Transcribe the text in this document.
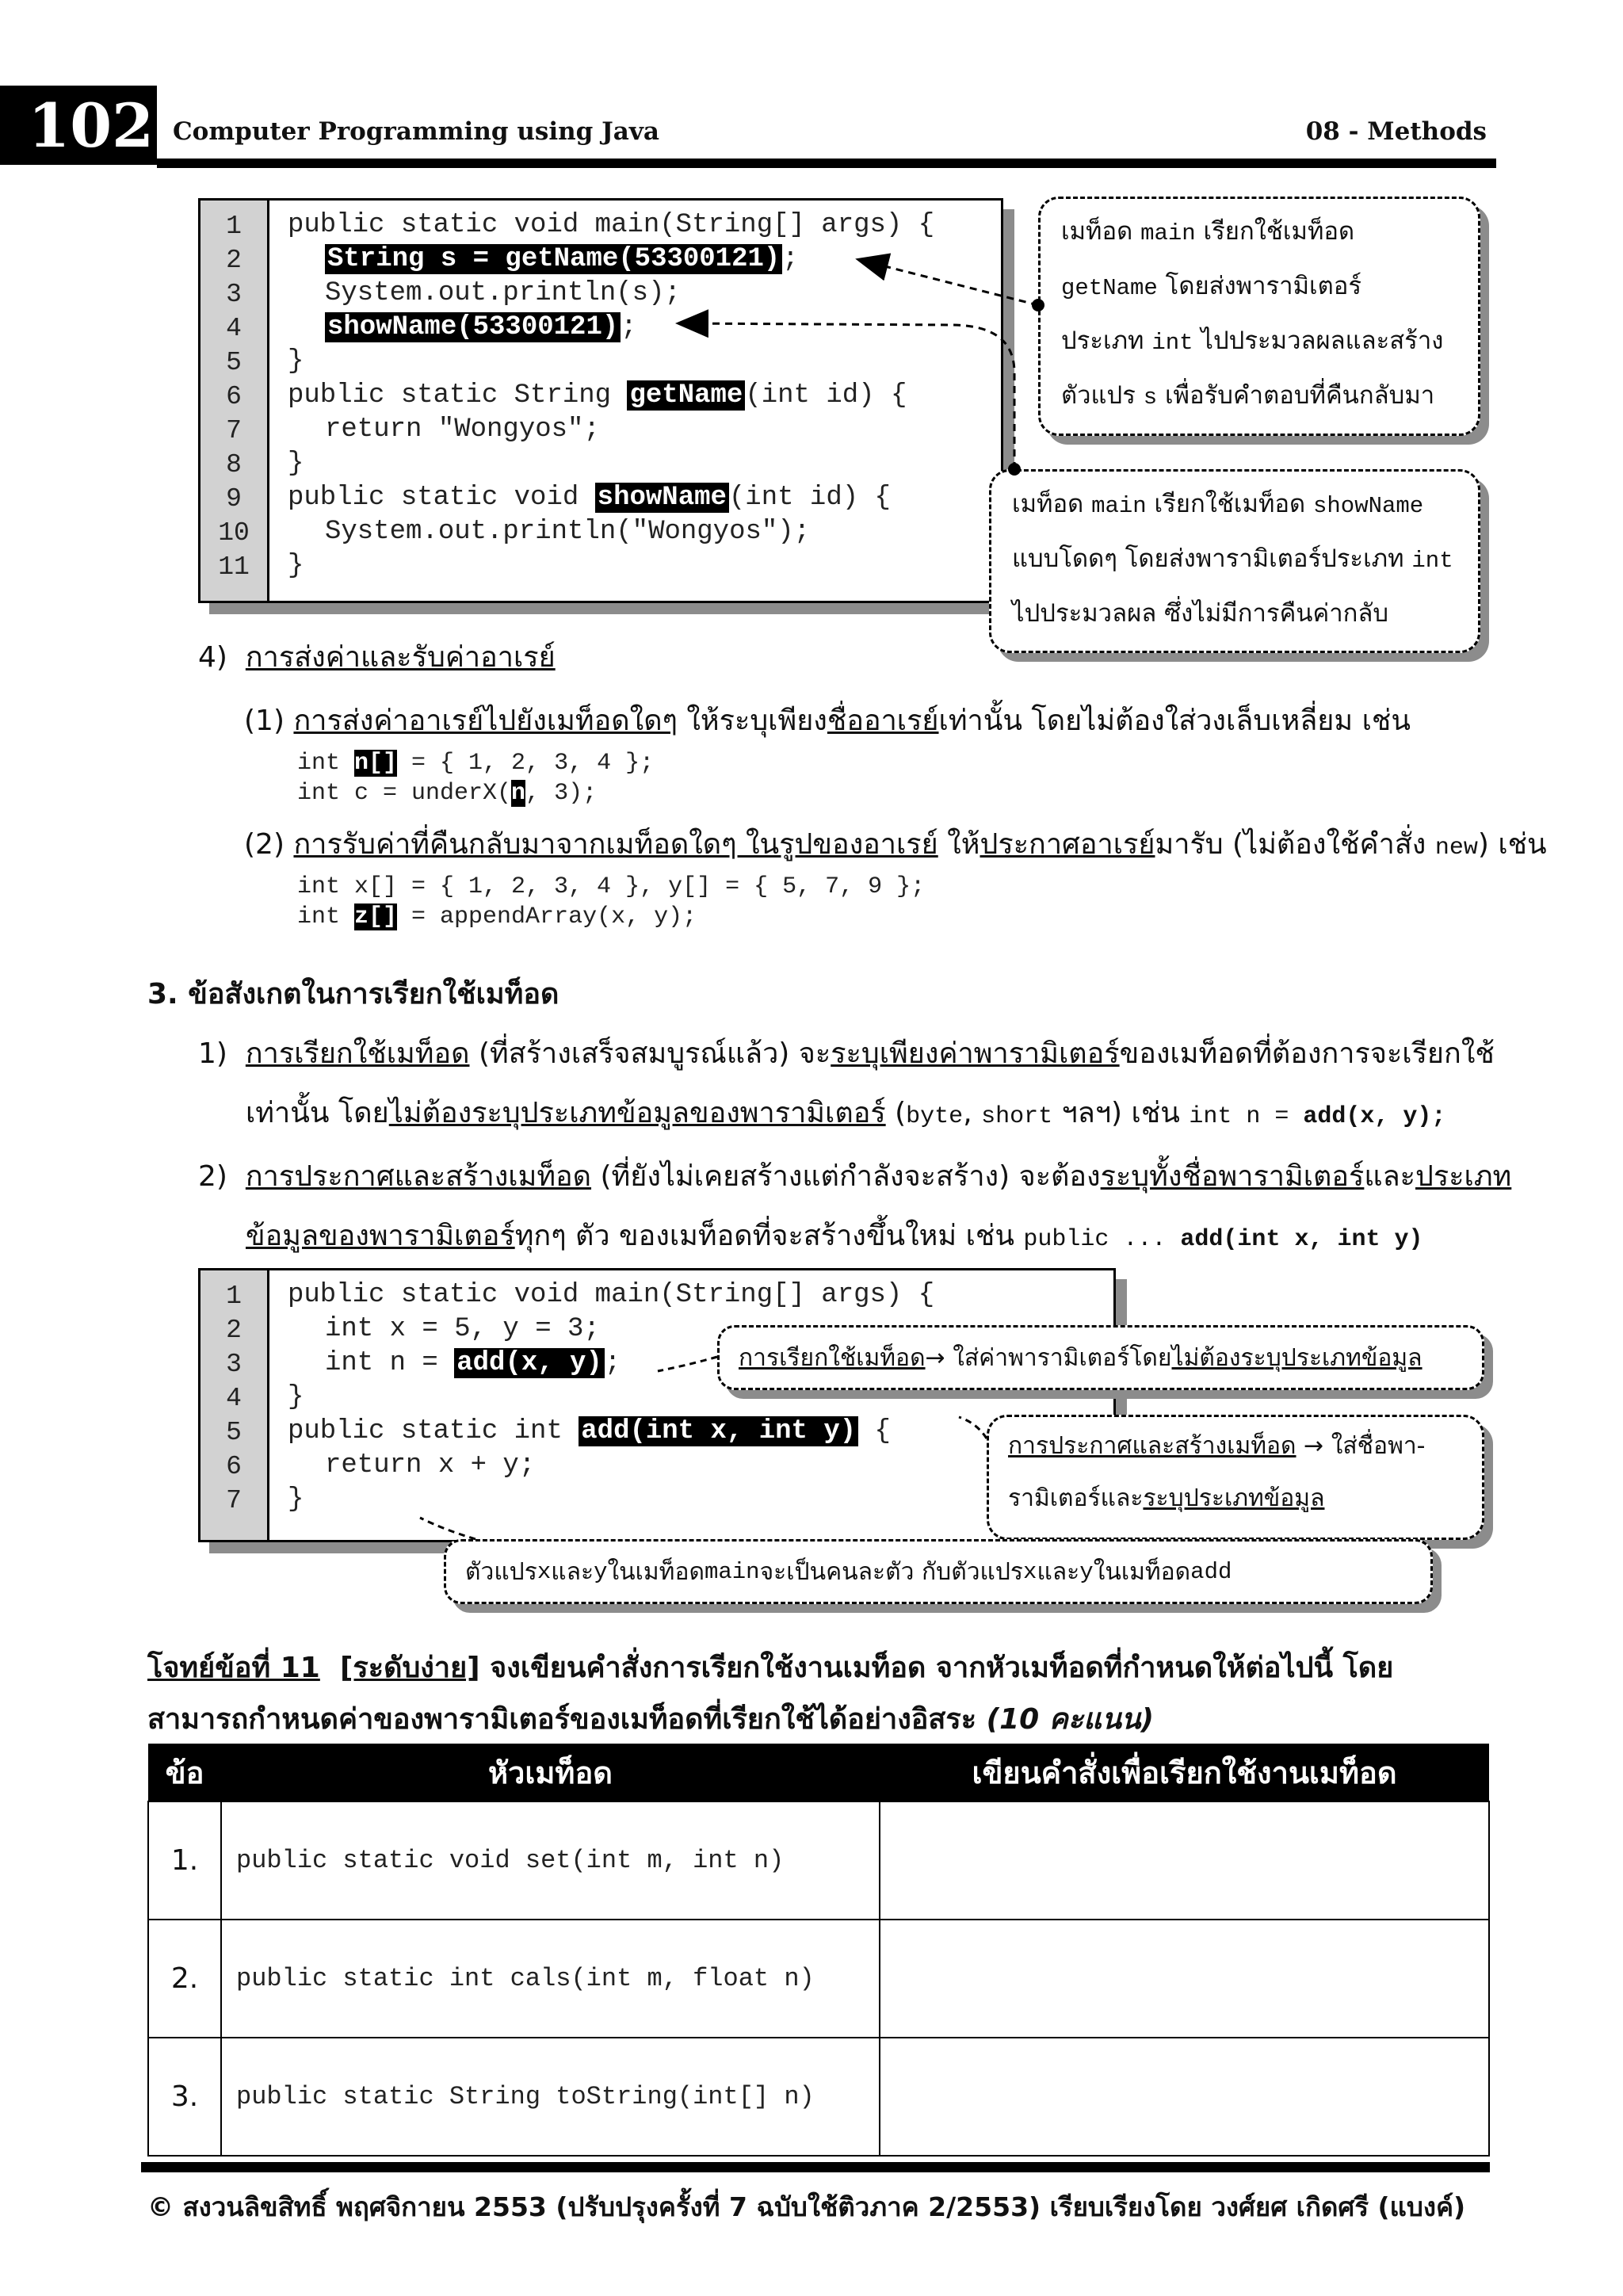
102 Computer Programming using Java	08 - Methods
1
2
3
4
5
6
7
8
9
10
11
public static void main(String[] args) {
String s = getName(53300121);
System.out.println(s);
showName(53300121);
}
public static String getName(int id) {
return "Wongyos";
}
public static void showName(int id) {
System.out.println("Wongyos");
}
เมท็อด main เรียกใช้เมท็อด
getName โดยส่งพารามิเตอร์
ประเภท int ไปประมวลผลและสร้าง
ตัวแปร s เพื่อรับคำตอบที่คืนกลับมา
เมท็อด main เรียกใช้เมท็อด showName
แบบโดดๆ โดยส่งพารามิเตอร์ประเภท int
ไปประมวลผล ซึ่งไม่มีการคืนค่ากลับ
4) การส่งค่าและรับค่าอาเรย์
(1) การส่งค่าอาเรย์ไปยังเมท็อดใดๆ ให้ระบุเพียงชื่ออาเรย์เท่านั้น โดยไม่ต้องใส่วงเล็บเหลี่ยม เช่น
int n[] = { 1, 2, 3, 4 };
int c = underX(n, 3);
(2) การรับค่าที่คืนกลับมาจากเมท็อดใดๆ ในรูปของอาเรย์ ให้ประกาศอาเรย์มารับ (ไม่ต้องใช้คำสั่ง new) เช่น
int x[] = { 1, 2, 3, 4 }, y[] = { 5, 7, 9 };
int z[] = appendArray(x, y);
3. ข้อสังเกตในการเรียกใช้เมท็อด
1) การเรียกใช้เมท็อด (ที่สร้างเสร็จสมบูรณ์แล้ว) จะระบุเพียงค่าพารามิเตอร์ของเมท็อดที่ต้องการจะเรียกใช้
เท่านั้น โดยไม่ต้องระบุประเภทข้อมูลของพารามิเตอร์ (byte, short ฯลฯ) เช่น int n = add(x, y);
2) การประกาศและสร้างเมท็อด (ที่ยังไม่เคยสร้างแต่กำลังจะสร้าง) จะต้องระบุทั้งชื่อพารามิเตอร์และประเภท
ข้อมูลของพารามิเตอร์ทุกๆ ตัว ของเมท็อดที่จะสร้างขึ้นใหม่ เช่น public ... add(int x, int y)
1
2
3
4
5
6
7
public static void main(String[] args) {
int x = 5, y = 3;
int n = add(x, y);
}
public static int add(int x, int y) {
return x + y;
}
การเรียกใช้เมท็อด → ใส่ค่าพารามิเตอร์โดย ไม่ต้องระบุประเภทข้อมูล
การประกาศและสร้างเมท็อด → ใส่ชื่อพา-
รามิเตอร์และระบุประเภทข้อมูล
ตัวแปร x และ y ในเมท็อด main จะเป็นคนละตัว กับตัวแปร x และ y ในเมท็อด add
โจทย์ข้อที่ 11 [ระดับง่าย] จงเขียนคำสั่งการเรียกใช้งานเมท็อด จากหัวเมท็อดที่กำหนดให้ต่อไปนี้ โดย
สามารถกำหนดค่าของพารามิเตอร์ของเมท็อดที่เรียกใช้ได้อย่างอิสระ (10 คะแนน)
ข้อ	หัวเมท็อด	เขียนคำสั่งเพื่อเรียกใช้งานเมท็อด
1.	public static void set(int m, int n)	
2.	public static int cals(int m, float n)	
3.	public static String toString(int[] n)	
© สงวนลิขสิทธิ์ พฤศจิกายน 2553 (ปรับปรุงครั้งที่ 7 ฉบับใช้ติวภาค 2/2553) เรียบเรียงโดย วงศ์ยศ เกิดศรี (แบงค์)
